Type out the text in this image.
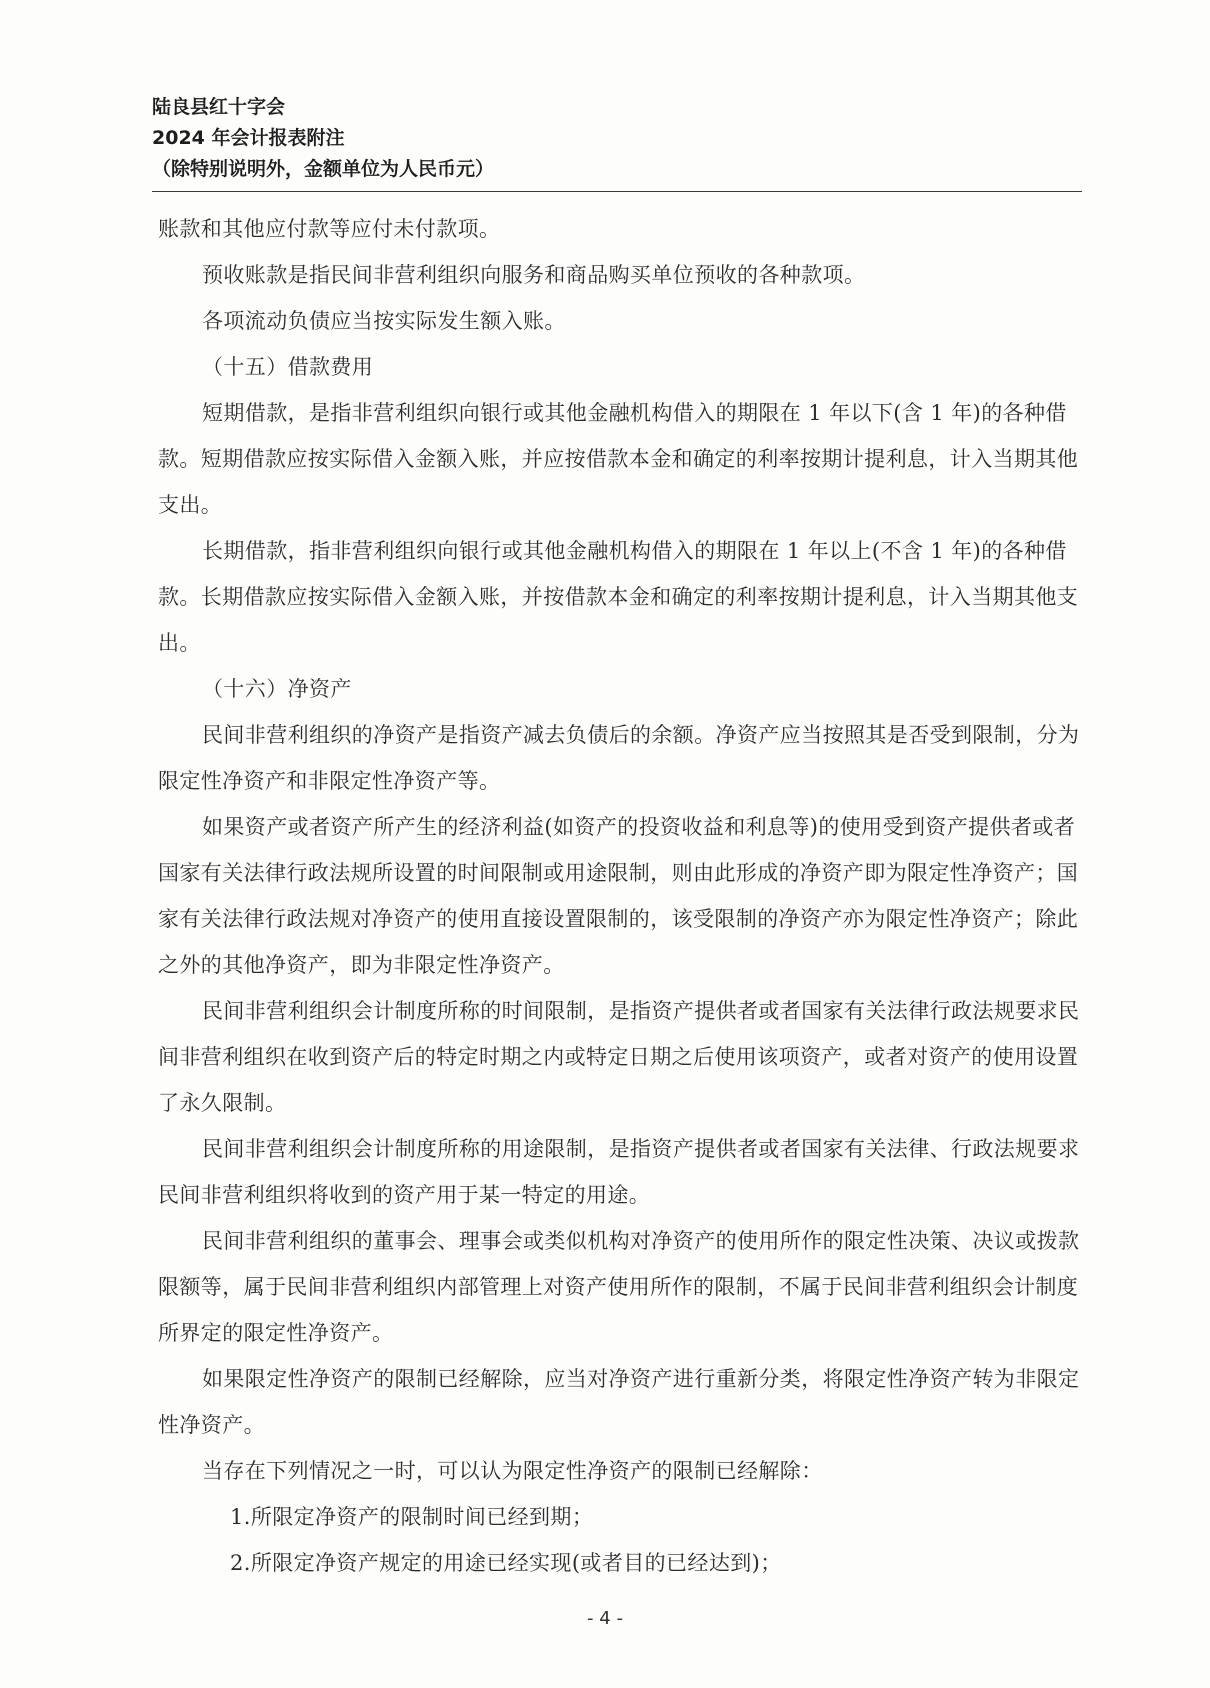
陆良县红十字会
2024 年会计报表附注
（除特别说明外，金额单位为人民币元）

账款和其他应付款等应付未付款项。

预收账款是指民间非营利组织向服务和商品购买单位预收的各种款项。

各项流动负债应当按实际发生额入账。

（十五）借款费用

短期借款，是指非营利组织向银行或其他金融机构借入的期限在 1 年以下(含 1 年)的各种借款。短期借款应按实际借入金额入账，并应按借款本金和确定的利率按期计提利息，计入当期其他支出。

长期借款，指非营利组织向银行或其他金融机构借入的期限在 1 年以上(不含 1 年)的各种借款。长期借款应按实际借入金额入账，并按借款本金和确定的利率按期计提利息，计入当期其他支出。

（十六）净资产

民间非营利组织的净资产是指资产减去负债后的余额。净资产应当按照其是否受到限制，分为限定性净资产和非限定性净资产等。

如果资产或者资产所产生的经济利益(如资产的投资收益和利息等)的使用受到资产提供者或者国家有关法律行政法规所设置的时间限制或用途限制，则由此形成的净资产即为限定性净资产；国家有关法律行政法规对净资产的使用直接设置限制的，该受限制的净资产亦为限定性净资产；除此之外的其他净资产，即为非限定性净资产。

民间非营利组织会计制度所称的时间限制，是指资产提供者或者国家有关法律行政法规要求民间非营利组织在收到资产后的特定时期之内或特定日期之后使用该项资产，或者对资产的使用设置了永久限制。

民间非营利组织会计制度所称的用途限制，是指资产提供者或者国家有关法律、行政法规要求民间非营利组织将收到的资产用于某一特定的用途。

民间非营利组织的董事会、理事会或类似机构对净资产的使用所作的限定性决策、决议或拨款限额等，属于民间非营利组织内部管理上对资产使用所作的限制，不属于民间非营利组织会计制度所界定的限定性净资产。

如果限定性净资产的限制已经解除，应当对净资产进行重新分类，将限定性净资产转为非限定性净资产。

当存在下列情况之一时，可以认为限定性净资产的限制已经解除：

1.所限定净资产的限制时间已经到期；

2.所限定净资产规定的用途已经实现(或者目的已经达到)；

- 4 -
